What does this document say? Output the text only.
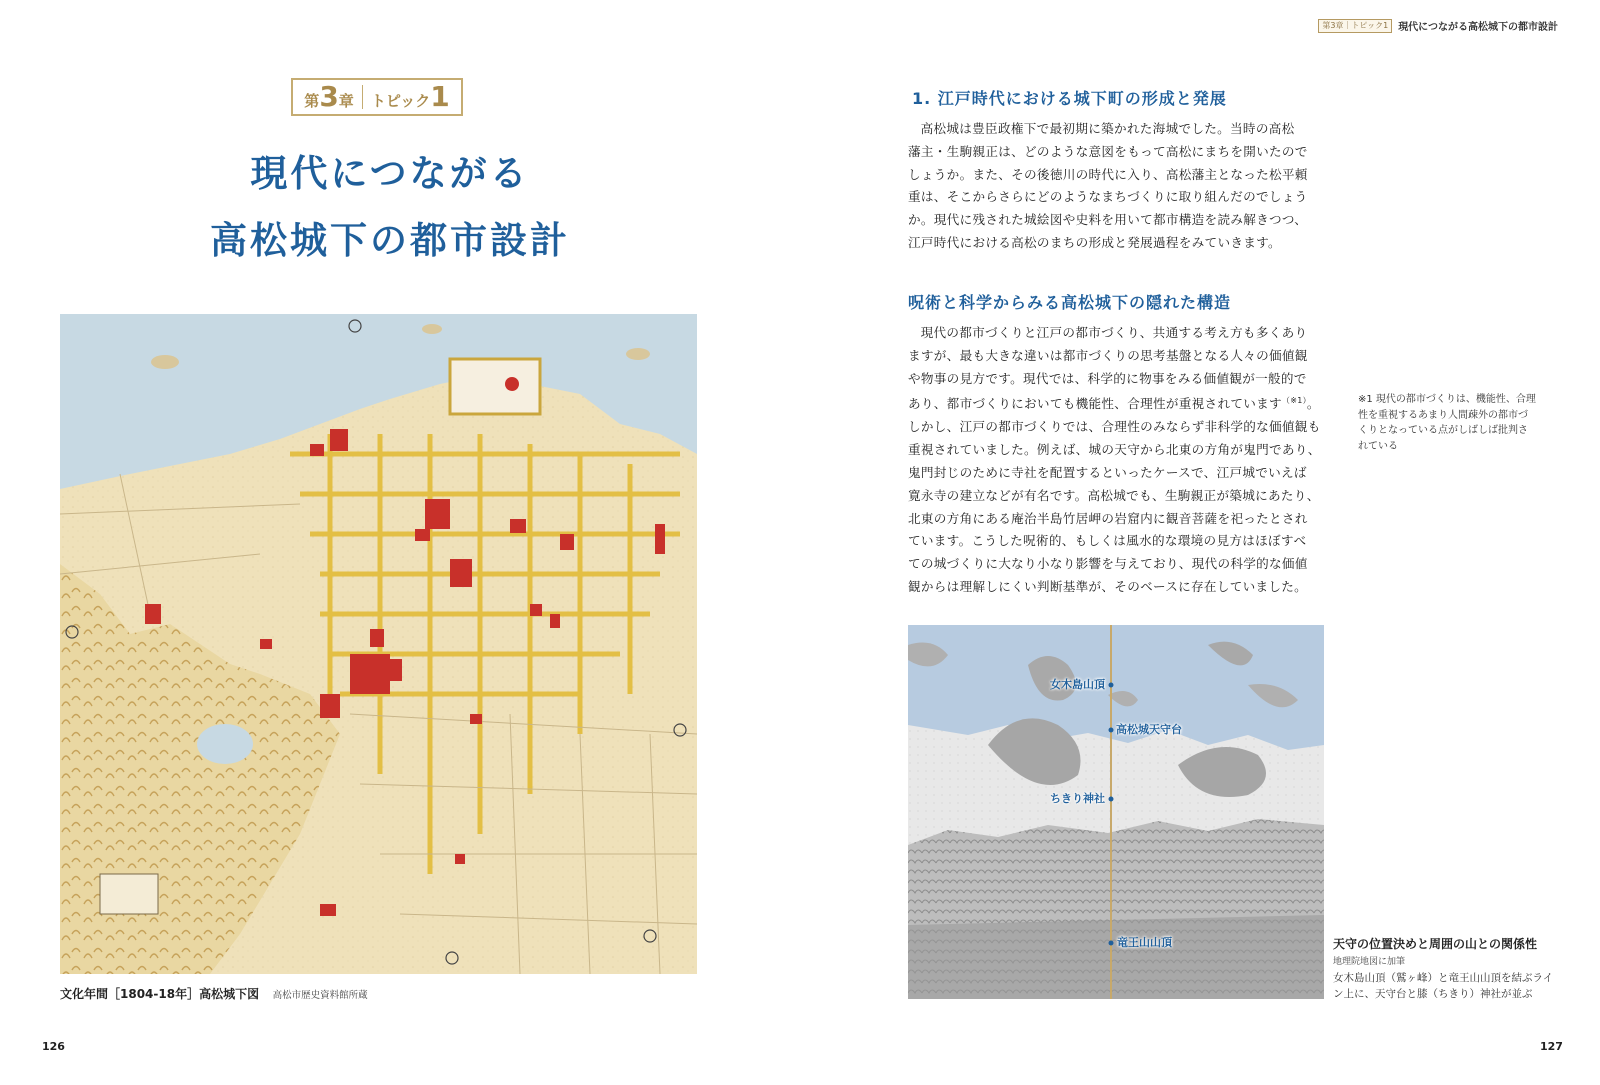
第3章｜トピック1	現代につながる高松城下の都市設計
第3章 トピック1
現代につながる
高松城下の都市設計
文化年間［1804-18年］高松城下図 高松市歴史資料館所蔵
126	127
1. 江戸時代における城下町の形成と発展
高松城は豊臣政権下で最初期に築かれた海城でした。当時の高松
藩主・生駒親正は、どのような意図をもって高松にまちを開いたので
しょうか。また、その後徳川の時代に入り、高松藩主となった松平頼
重は、そこからさらにどのようなまちづくりに取り組んだのでしょう
か。現代に残された城絵図や史料を用いて都市構造を読み解きつつ、
江戸時代における高松のまちの形成と発展過程をみていきます。
呪術と科学からみる高松城下の隠れた構造
現代の都市づくりと江戸の都市づくり、共通する考え方も多くあり
ますが、最も大きな違いは都市づくりの思考基盤となる人々の価値観
や物事の見方です。現代では、科学的に物事をみる価値観が一般的で
あり、都市づくりにおいても機能性、合理性が重視されています$^{(※1)}$。
しかし、江戸の都市づくりでは、合理性のみならず非科学的な価値観も
重視されていました。例えば、城の天守から北東の方角が鬼門であり、
鬼門封じのために寺社を配置するといったケースで、江戸城でいえば
寛永寺の建立などが有名です。高松城でも、生駒親正が築城にあたり、
北東の方角にある庵治半島竹居岬の岩窟内に観音菩薩を祀ったとされ
ています。こうした呪術的、もしくは風水的な環境の見方はほぼすべ
ての城づくりに大なり小なり影響を与えており、現代の科学的な価値
観からは理解しにくい判断基準が、そのベースに存在していました。
※1 現代の都市づくりは、機能性、合理
性を重視するあまり人間疎外の都市づ
くりとなっている点がしばしば批判さ
れている
女木島山頂
高松城天守台
ちきり神社
竜王山山頂	天守の位置決めと周囲の山との関係性
地理院地図に加筆
女木島山頂（鷲ヶ峰）と竜王山山頂を結ぶライ
ン上に、天守台と膝（ちきり）神社が並ぶ
